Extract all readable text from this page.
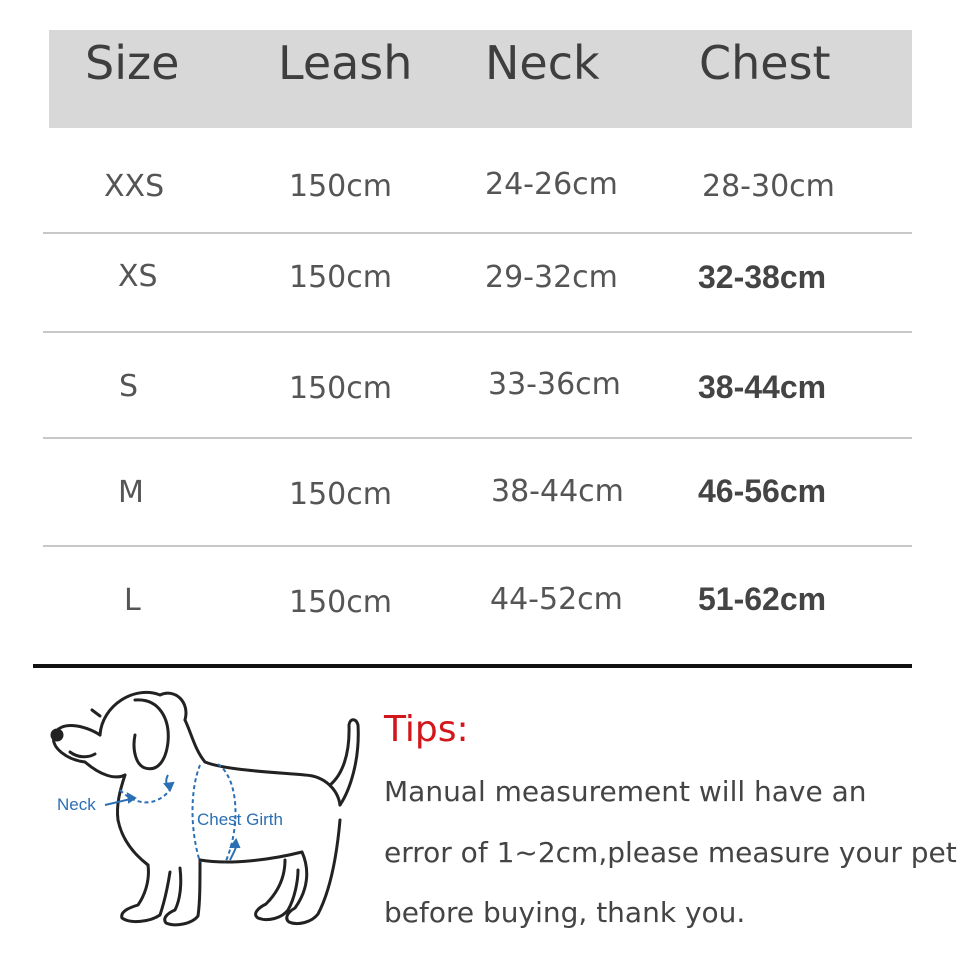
Size Leash Neck Chest
XXS	150cm	24-26cm	28-30cm
XS	150cm	29-32cm	32-38cm
S	150cm	33-36cm 38-44cm
M	150cm	38-44cm 46-56cm
L	150cm	44-52cm 51-62cm
Neck
Chest Girth
Tips:
Manual measurement will have an
error of 1~2cm,please measure your pet
before buying, thank you.
